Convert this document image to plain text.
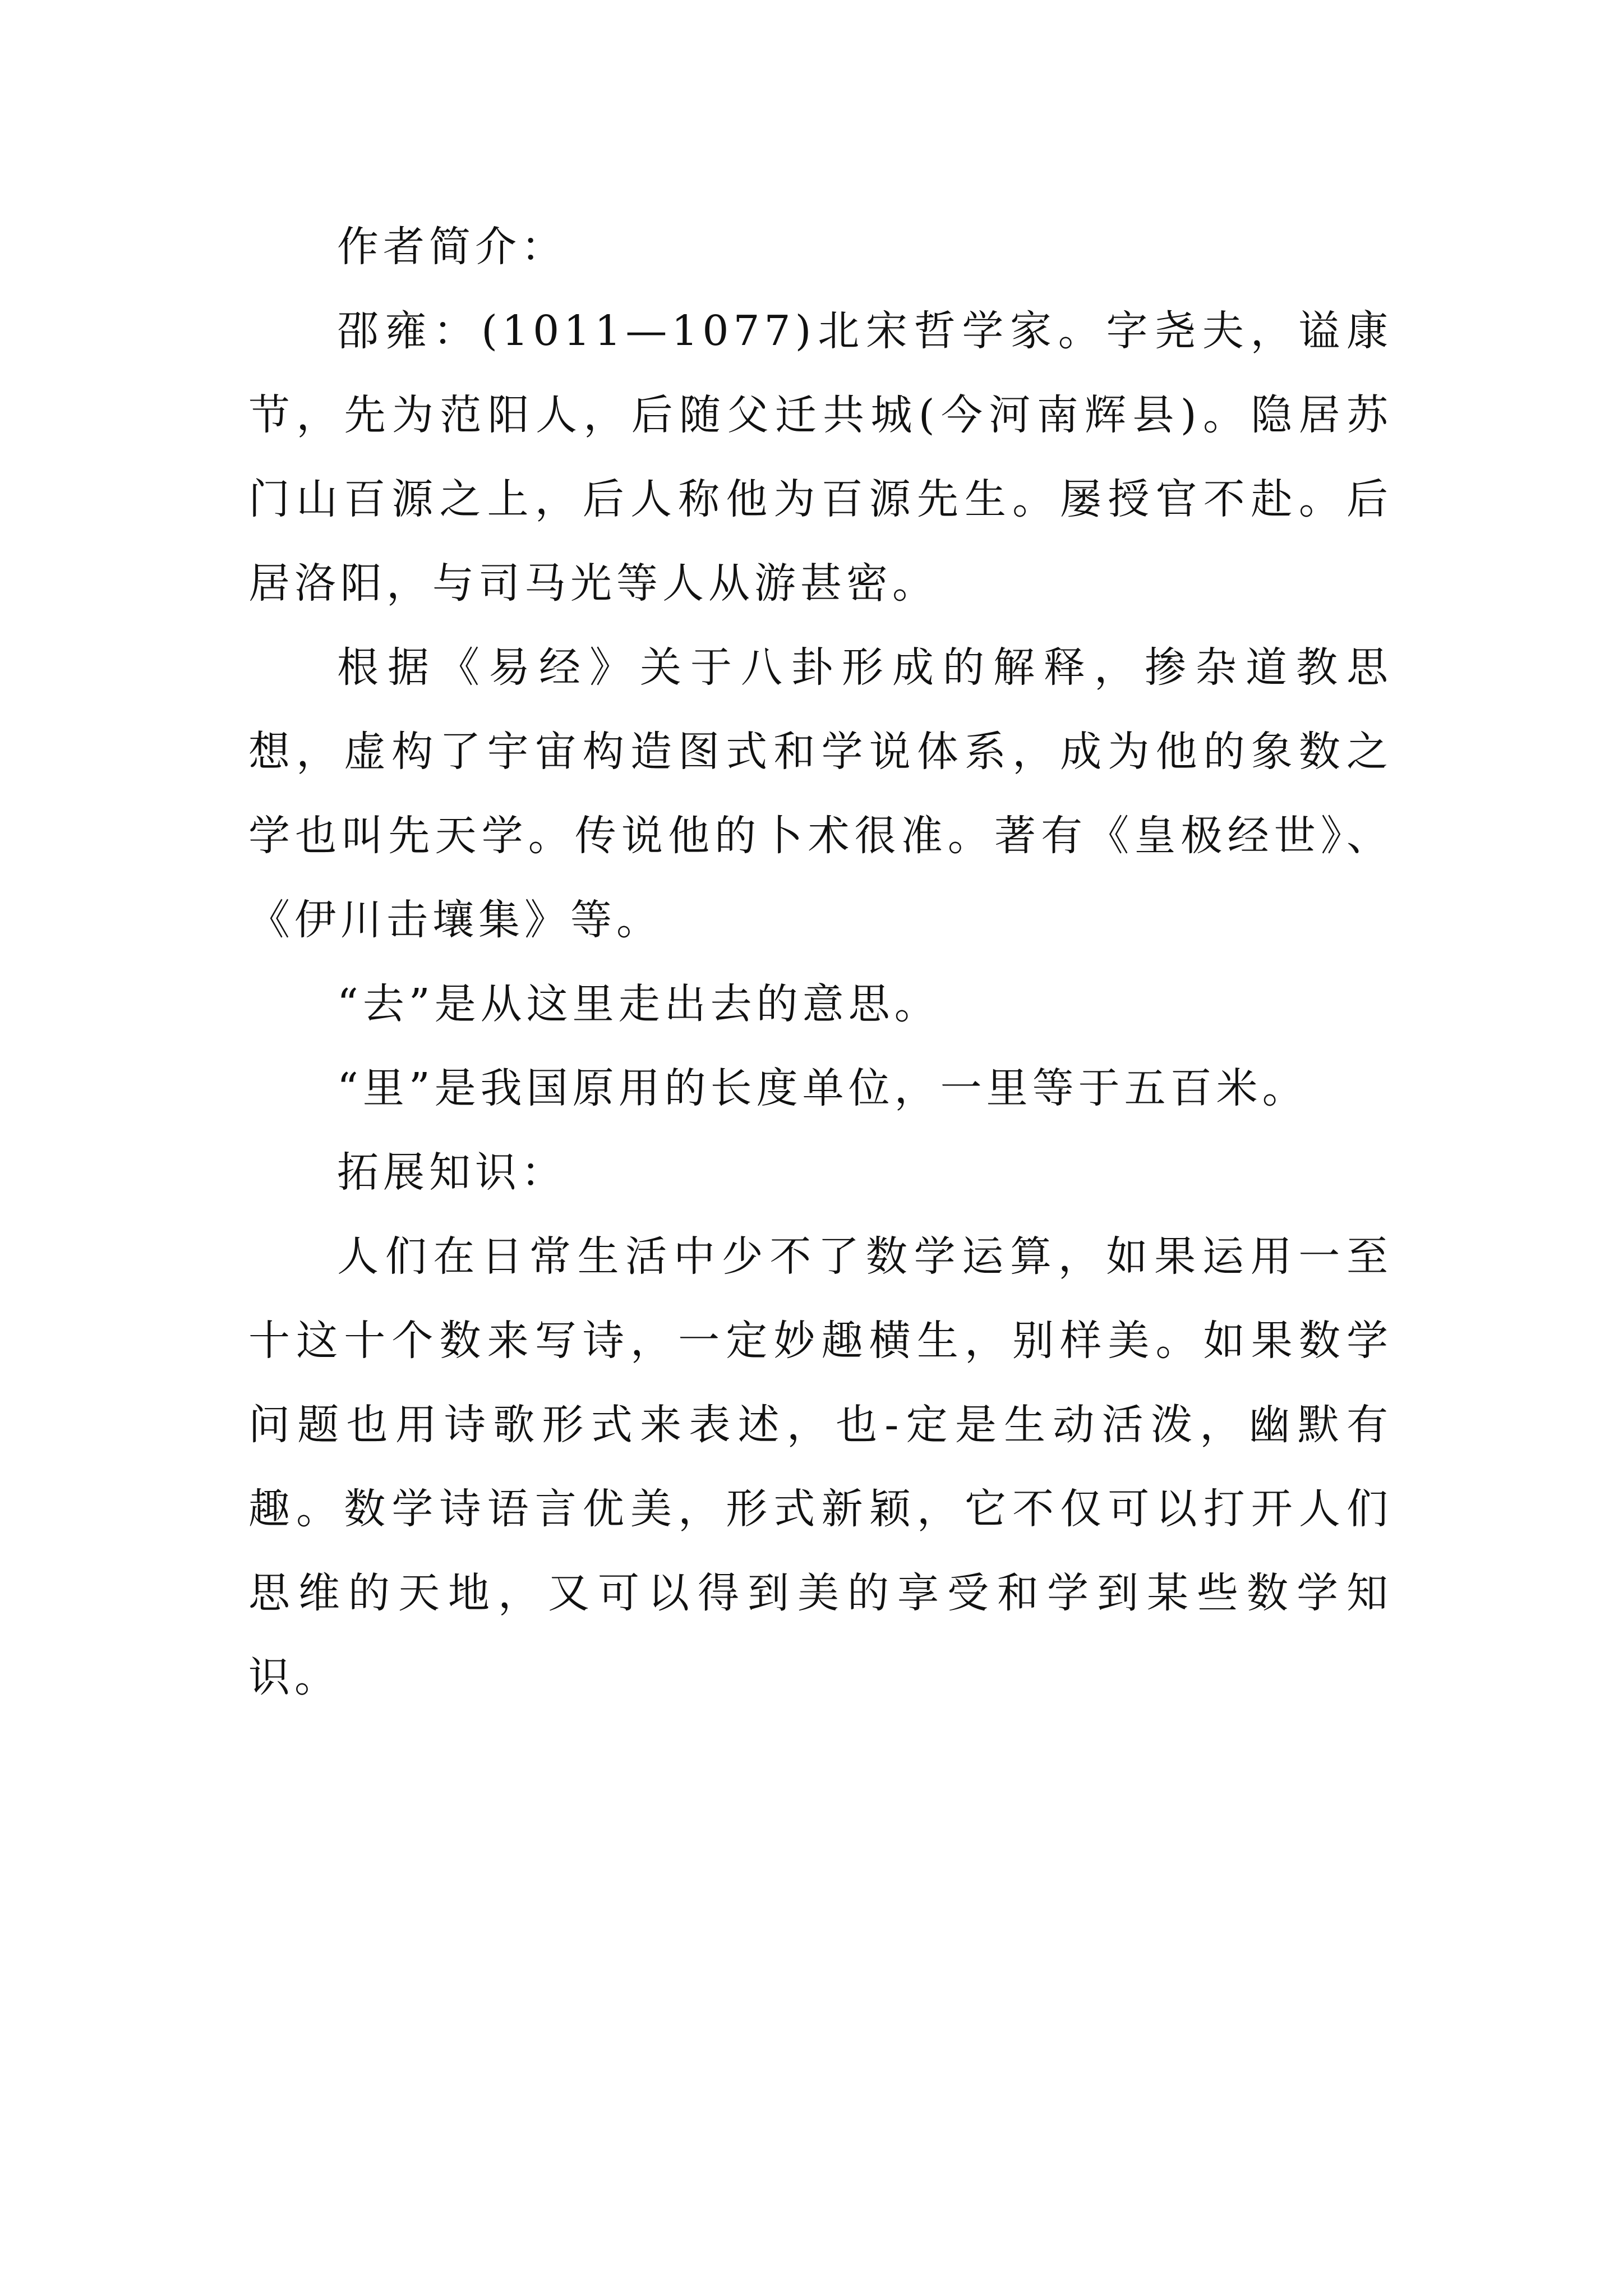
作者简介：

邵雍：(1011—1077)北宋哲学家。字尧夫，谥康节，先为范阳人，后随父迁共城(今河南辉县)。隐居苏门山百源之上，后人称他为百源先生。屡授官不赴。后居洛阳，与司马光等人从游甚密。

根据《易经》关于八卦形成的解释，掺杂道教思想，虚构了宇宙构造图式和学说体系，成为他的象数之学也叫先天学。传说他的卜术很准。著有《皇极经世》、《伊川击壤集》等。

“去”是从这里走出去的意思。

“里”是我国原用的长度单位，一里等于五百米。

拓展知识：

人们在日常生活中少不了数学运算，如果运用一至十这十个数来写诗，一定妙趣横生，别样美。如果数学问题也用诗歌形式来表述，也-定是生动活泼，幽默有趣。数学诗语言优美，形式新颖，它不仅可以打开人们思维的天地，又可以得到美的享受和学到某些数学知识。
